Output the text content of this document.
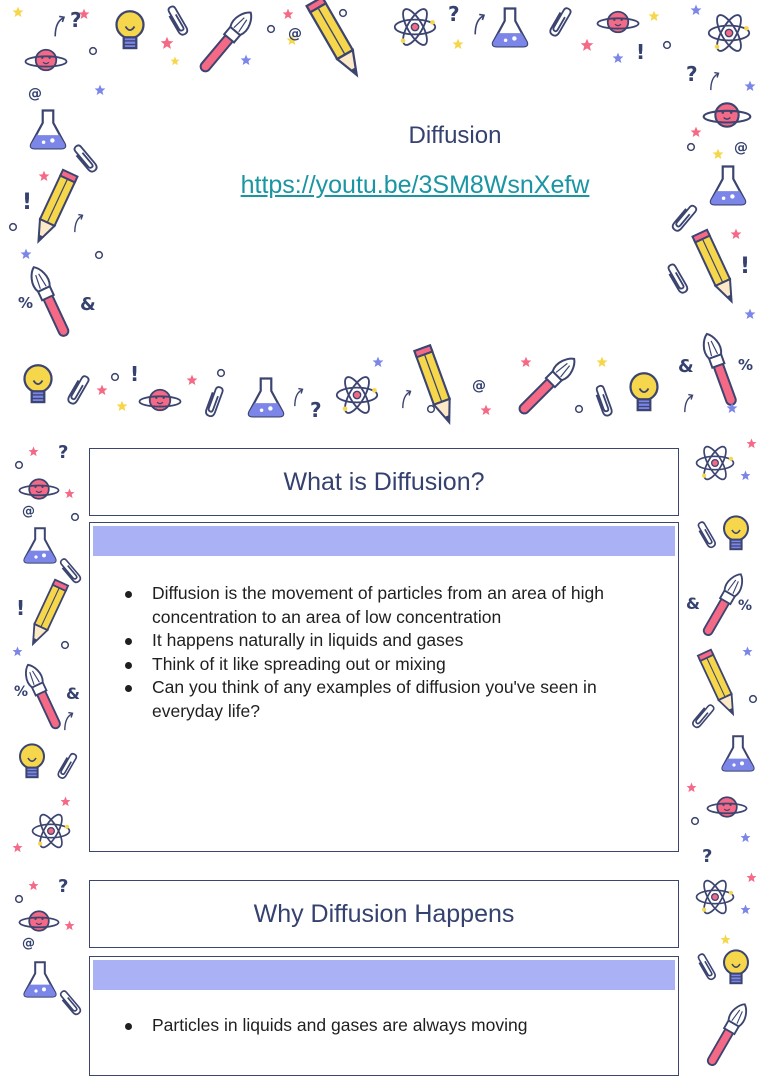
?	?
!
@
@
!
%	&
?
@
!
!
?
@
&	%
Diffusion
https://youtu.be/3SM8WsnXefw
?
@
!
% &
&	%
?
What is Diffusion?
Diffusion is the movement of particles from an area of high concentration to an area of low concentration
It happens naturally in liquids and gases
Think of it like spreading out or mixing
Can you think of any examples of diffusion you've seen in everyday life?
?
@
Why Diffusion Happens
Particles in liquids and gases are always moving
